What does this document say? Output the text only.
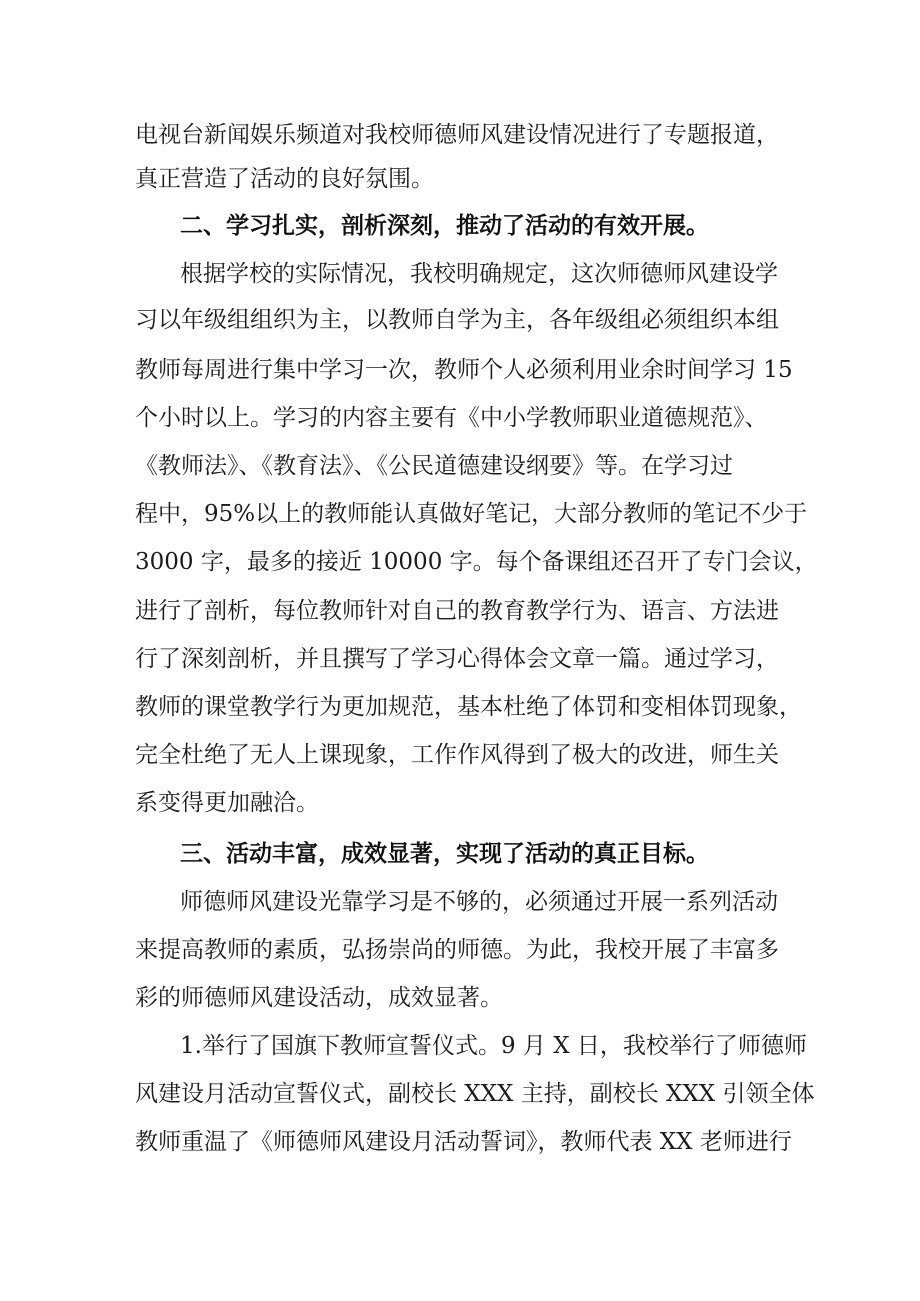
电视台新闻娱乐频道对我校师德师风建设情况进行了专题报道，

真正营造了活动的良好氛围。

二、学习扎实，剖析深刻，推动了活动的有效开展。

根据学校的实际情况，我校明确规定，这次师德师风建设学

习以年级组组织为主，以教师自学为主，各年级组必须组织本组

教师每周进行集中学习一次，教师个人必须利用业余时间学习 15

个小时以上。学习的内容主要有《中小学教师职业道德规范》、

《教师法》、《教育法》、《公民道德建设纲要》等。在学习过

程中，95%以上的教师能认真做好笔记，大部分教师的笔记不少于

3000 字，最多的接近 10000 字。每个备课组还召开了专门会议，

进行了剖析，每位教师针对自己的教育教学行为、语言、方法进

行了深刻剖析，并且撰写了学习心得体会文章一篇。通过学习，

教师的课堂教学行为更加规范，基本杜绝了体罚和变相体罚现象，

完全杜绝了无人上课现象，工作作风得到了极大的改进，师生关

系变得更加融洽。

三、活动丰富，成效显著，实现了活动的真正目标。

师德师风建设光靠学习是不够的，必须通过开展一系列活动

来提高教师的素质，弘扬崇尚的师德。为此，我校开展了丰富多

彩的师德师风建设活动，成效显著。

1.举行了国旗下教师宣誓仪式。9 月 X 日，我校举行了师德师

风建设月活动宣誓仪式，副校长 XXX 主持，副校长 XXX 引领全体

教师重温了《师德师风建设月活动誓词》，教师代表 XX 老师进行
